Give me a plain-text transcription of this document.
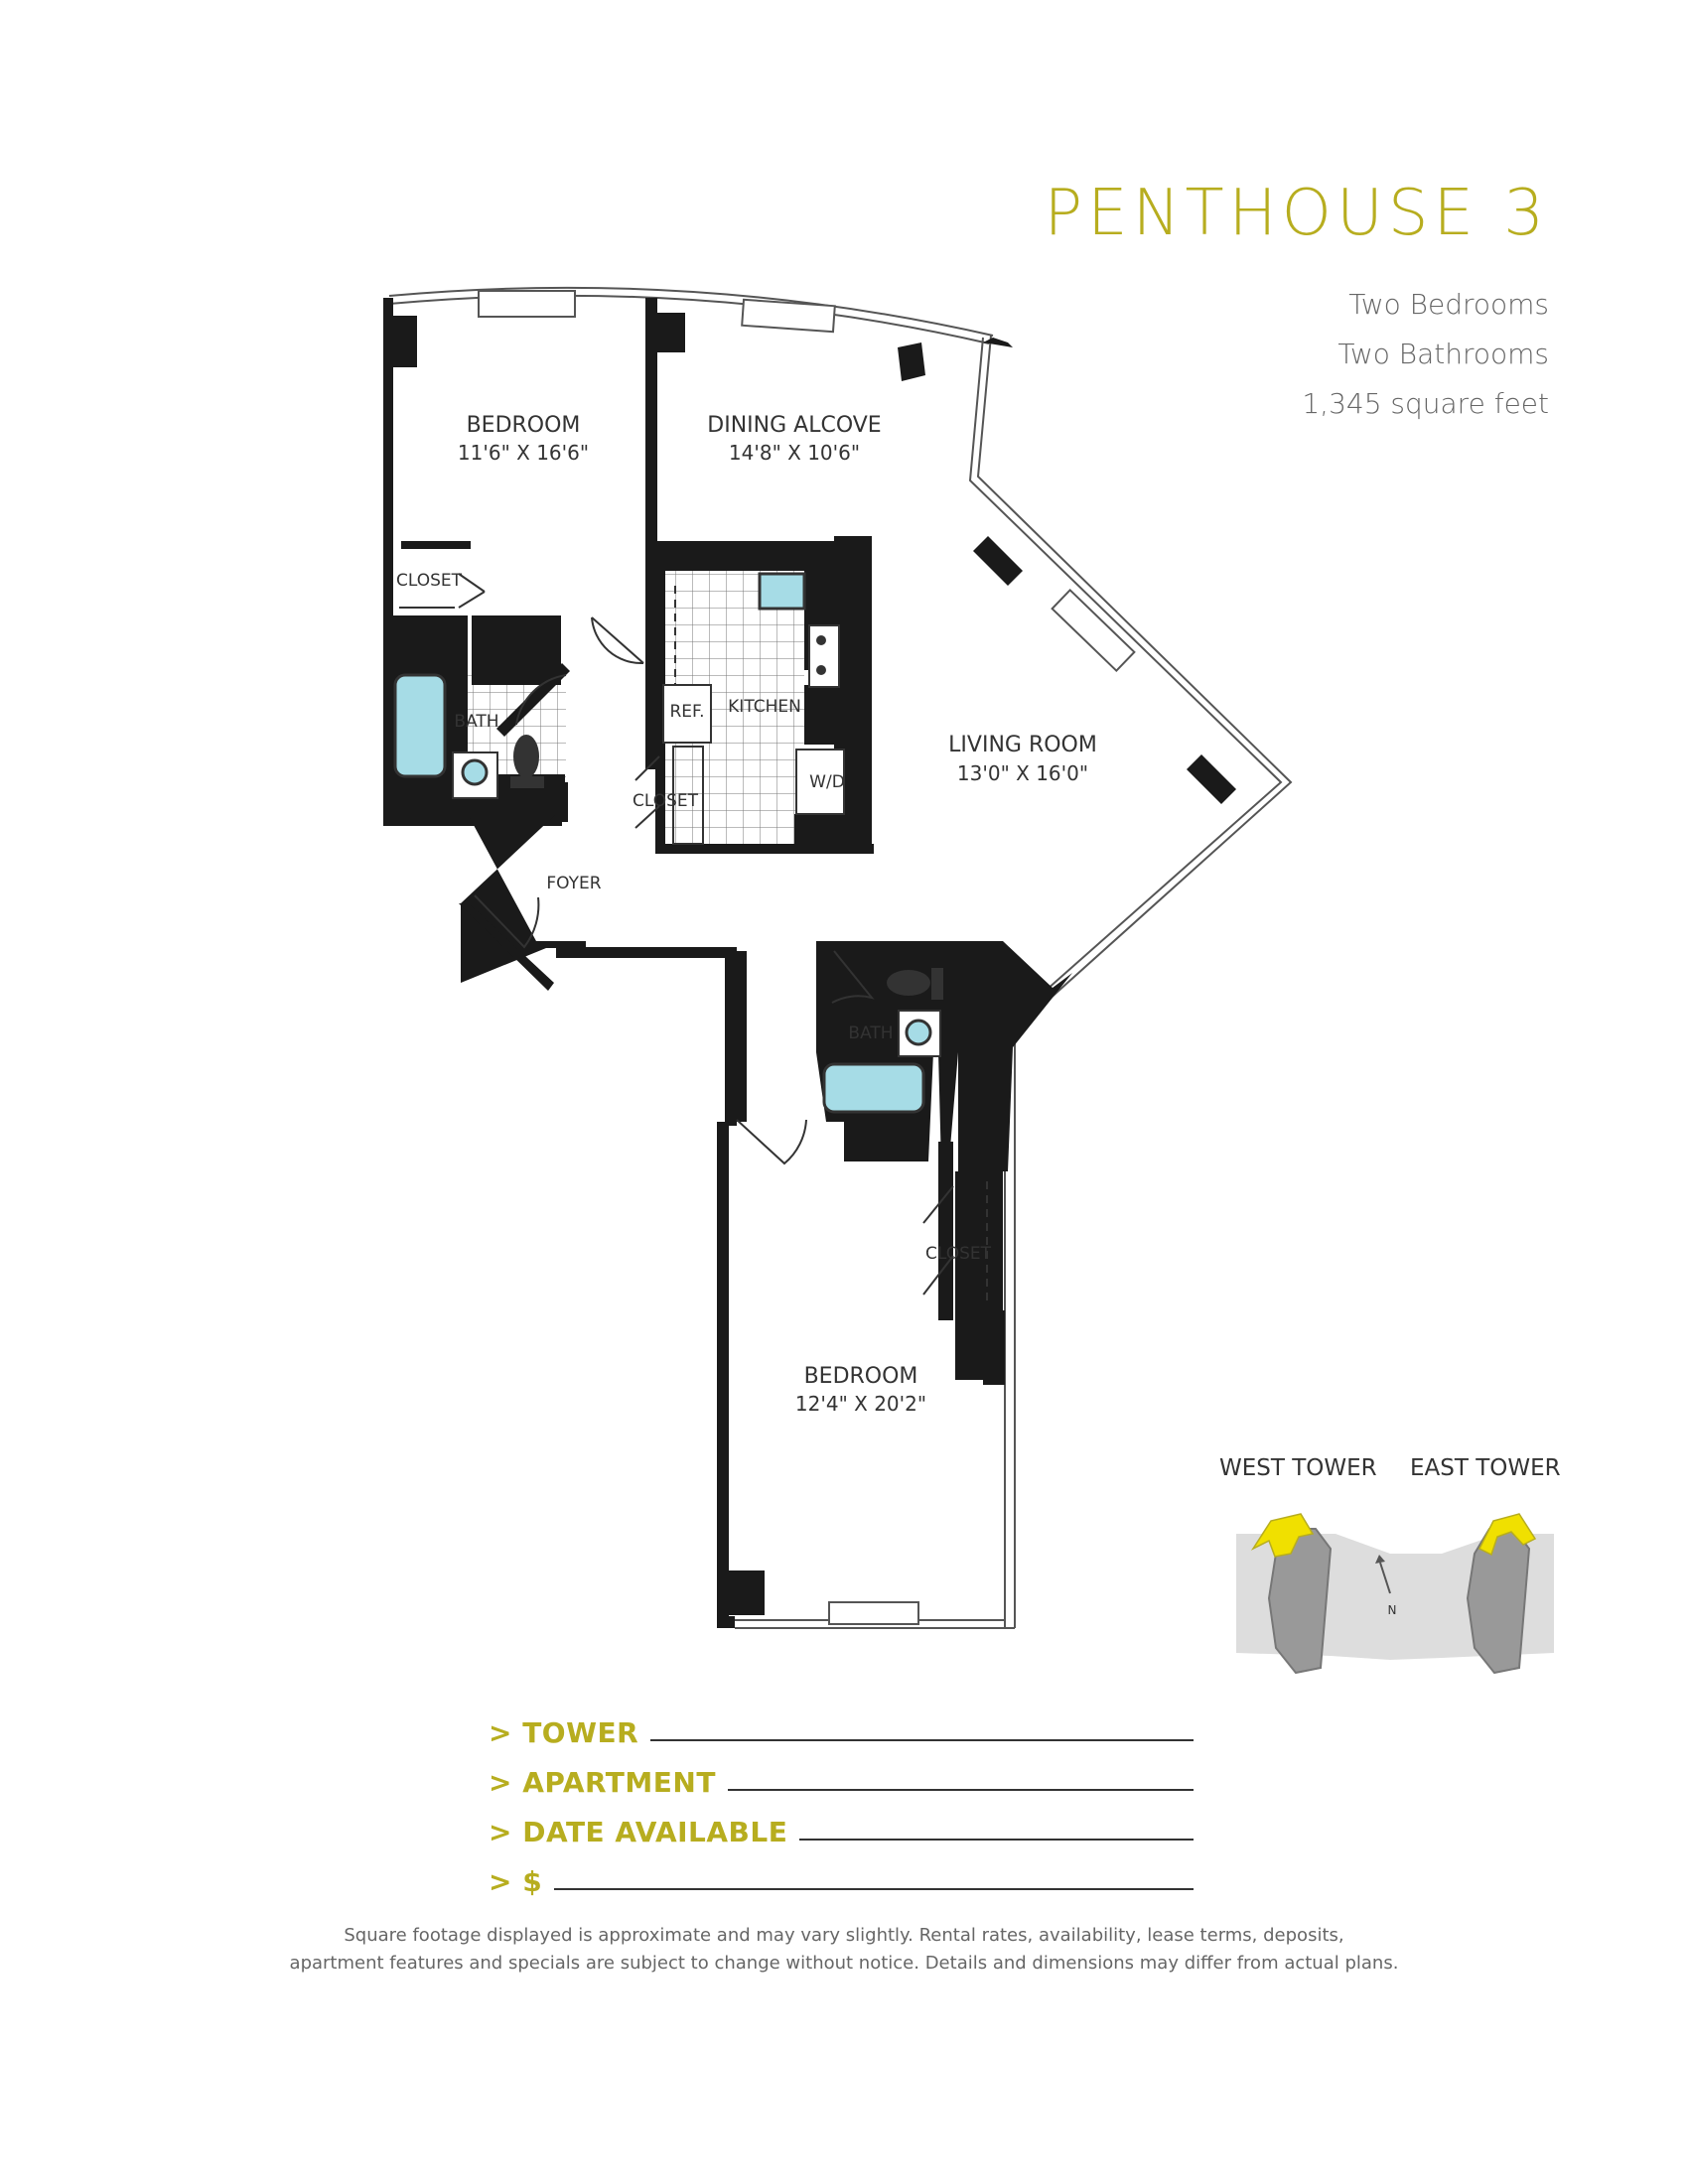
PENTHOUSE 3
Two Bedrooms
Two Bathrooms
1,345 square feet
BEDROOM
11'6" X 16'6"
DINING ALCOVE
14'8" X 10'6"
LIVING ROOM
13'0" X 16'0"
BEDROOM
12'4" X 20'2"
CLOSET
CLOSET
CLOSET
BATH
BATH
KITCHEN
REF.
W/D
FOYER
N
WEST TOWER EAST TOWER
> TOWER
> APARTMENT
> DATE AVAILABLE
> $
Square footage displayed is approximate and may vary slightly. Rental rates, availability, lease terms, deposits,
apartment features and specials are subject to change without notice. Details and dimensions may differ from actual plans.
